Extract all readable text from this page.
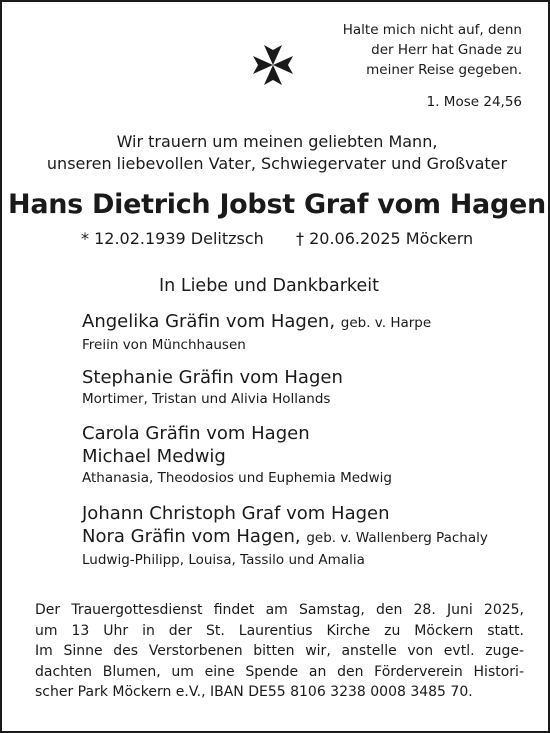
Halte mich nicht auf, denn
der Herr hat Gnade zu
meiner Reise gegeben.
1. Mose 24,56
Wir trauern um meinen geliebten Mann,
unseren liebevollen Vater, Schwiegervater und Großvater
Hans Dietrich Jobst Graf vom Hagen
* 12.02.1939 Delitzsch † 20.06.2025 Möckern
In Liebe und Dankbarkeit
Angelika Gräfin vom Hagen, geb. v. Harpe
Freiin von Münchhausen
Stephanie Gräfin vom Hagen
Mortimer, Tristan und Alivia Hollands
Carola Gräfin vom Hagen
Michael Medwig
Athanasia, Theodosios und Euphemia Medwig
Johann Christoph Graf vom Hagen
Nora Gräfin vom Hagen, geb. v. Wallenberg Pachaly
Ludwig-Philipp, Louisa, Tassilo und Amalia
Der Trauergottesdienst findet am Samstag, den 28. Juni 2025,
um 13 Uhr in der St. Laurentius Kirche zu Möckern statt.
Im Sinne des Verstorbenen bitten wir, anstelle von evtl. zuge-
dachten Blumen, um eine Spende an den Förderverein Histori-
scher Park Möckern e.V., IBAN DE55 8106 3238 0008 3485 70.
